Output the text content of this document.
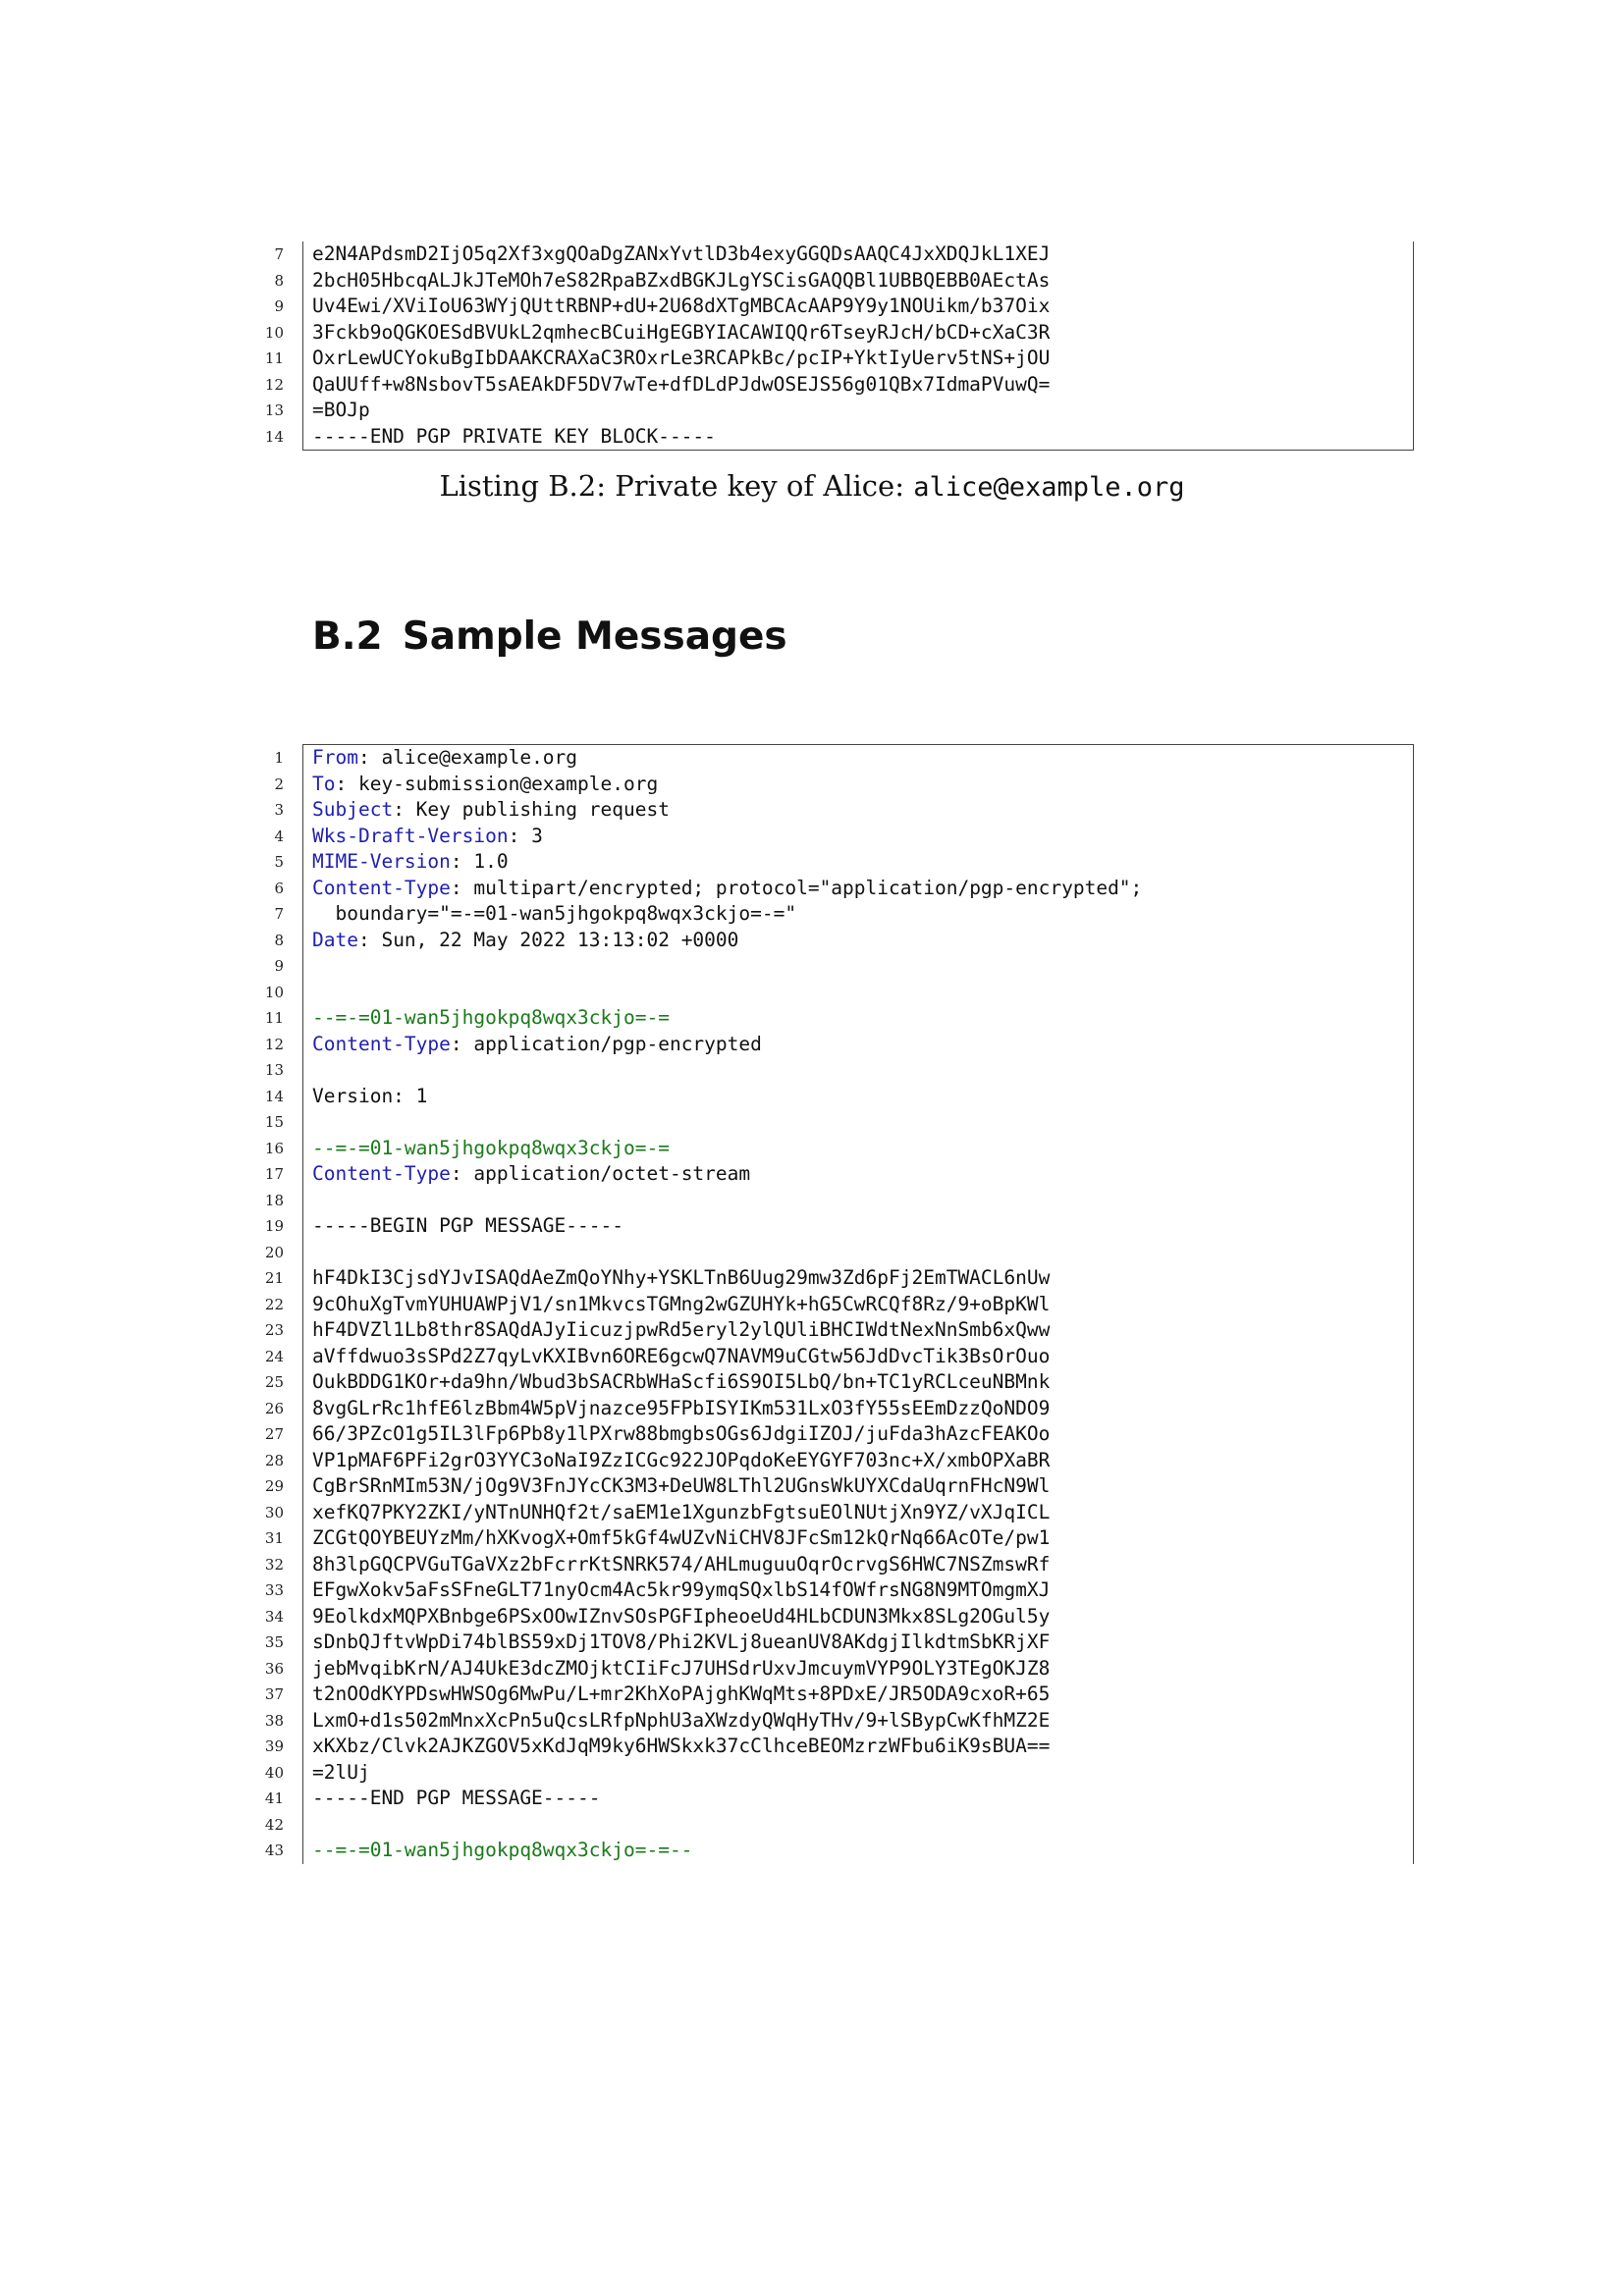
7 e2N4APdsmD2IjO5q2Xf3xgQOaDgZANxYvtlD3b4exyGGQDsAAQC4JxXDQJkL1XEJ
8 2bcH05HbcqALJkJTeMOh7eS82RpaBZxdBGKJLgYSCisGAQQBl1UBBQEBB0AEctAs
9 Uv4Ewi/XViIoU63WYjQUttRBNP+dU+2U68dXTgMBCAcAAP9Y9y1NOUikm/b37Oix
10 3Fckb9oQGKOESdBVUkL2qmhecBCuiHgEGBYIACAWIQQr6TseyRJcH/bCD+cXaC3R
11 OxrLewUCYokuBgIbDAAKCRAXaC3ROxrLe3RCAPkBc/pcIP+YktIyUerv5tNS+jOU
12 QaUUff+w8NsbovT5sAEAkDF5DV7wTe+dfDLdPJdwOSEJS56g01QBx7IdmaPVuwQ=
13 =BOJp
14 -----END PGP PRIVATE KEY BLOCK-----
Listing B.2: Private key of Alice: alice@example.org
B.2 Sample Messages
1 From: alice@example.org
2 To: key-submission@example.org
3 Subject: Key publishing request
4 Wks-Draft-Version: 3
5 MIME-Version: 1.0
6 Content-Type: multipart/encrypted; protocol="application/pgp-encrypted";
7 boundary="=-=01-wan5jhgokpq8wqx3ckjo=-="
8 Date: Sun, 22 May 2022 13:13:02 +0000
9
10
11 --=-=01-wan5jhgokpq8wqx3ckjo=-=
12 Content-Type: application/pgp-encrypted
13
14 Version: 1
15
16 --=-=01-wan5jhgokpq8wqx3ckjo=-=
17 Content-Type: application/octet-stream
18
19 -----BEGIN PGP MESSAGE-----
20
21 hF4DkI3CjsdYJvISAQdAeZmQoYNhy+YSKLTnB6Uug29mw3Zd6pFj2EmTWACL6nUw
22 9cOhuXgTvmYUHUAWPjV1/sn1MkvcsTGMng2wGZUHYk+hG5CwRCQf8Rz/9+oBpKWl
23 hF4DVZl1Lb8thr8SAQdAJyIicuzjpwRd5eryl2ylQUliBHCIWdtNexNnSmb6xQww
24 aVffdwuo3sSPd2Z7qyLvKXIBvn6ORE6gcwQ7NAVM9uCGtw56JdDvcTik3BsOrOuo
25 OukBDDG1KOr+da9hn/Wbud3bSACRbWHaScfi6S9OI5LbQ/bn+TC1yRCLceuNBMnk
26 8vgGLrRc1hfE6lzBbm4W5pVjnazce95FPbISYIKm531LxO3fY55sEEmDzzQoNDO9
27 66/3PZcO1g5IL3lFp6Pb8y1lPXrw88bmgbsOGs6JdgiIZOJ/juFda3hAzcFEAKOo
28 VP1pMAF6PFi2grO3YYC3oNaI9ZzICGc922JOPqdoKeEYGYF703nc+X/xmbOPXaBR
29 CgBrSRnMIm53N/jOg9V3FnJYcCK3M3+DeUW8LThl2UGnsWkUYXCdaUqrnFHcN9Wl
30 xefKQ7PKY2ZKI/yNTnUNHQf2t/saEM1e1XgunzbFgtsuEOlNUtjXn9YZ/vXJqICL
31 ZCGtQOYBEUYzMm/hXKvogX+Omf5kGf4wUZvNiCHV8JFcSm12kQrNq66AcOTe/pw1
32 8h3lpGQCPVGuTGaVXz2bFcrrKtSNRK574/AHLmuguuOqrOcrvgS6HWC7NSZmswRf
33 EFgwXokv5aFsSFneGLT71nyOcm4Ac5kr99ymqSQxlbS14fOWfrsNG8N9MTOmgmXJ
34 9EolkdxMQPXBnbge6PSxOOwIZnvSOsPGFIpheoeUd4HLbCDUN3Mkx8SLg2OGul5y
35 sDnbQJftvWpDi74blBS59xDj1TOV8/Phi2KVLj8ueanUV8AKdgjIlkdtmSbKRjXF
36 jebMvqibKrN/AJ4UkE3dcZMOjktCIiFcJ7UHSdrUxvJmcuymVYP9OLY3TEgOKJZ8
37 t2nOOdKYPDswHWSOg6MwPu/L+mr2KhXoPAjghKWqMts+8PDxE/JR5ODA9cxoR+65
38 LxmO+d1s502mMnxXcPn5uQcsLRfpNphU3aXWzdyQWqHyTHv/9+lSBypCwKfhMZ2E
39 xKXbz/Clvk2AJKZGOV5xKdJqM9ky6HWSkxk37cClhceBEOMzrzWFbu6iK9sBUA==
40 =2lUj
41 -----END PGP MESSAGE-----
42
43 --=-=01-wan5jhgokpq8wqx3ckjo=-=--
